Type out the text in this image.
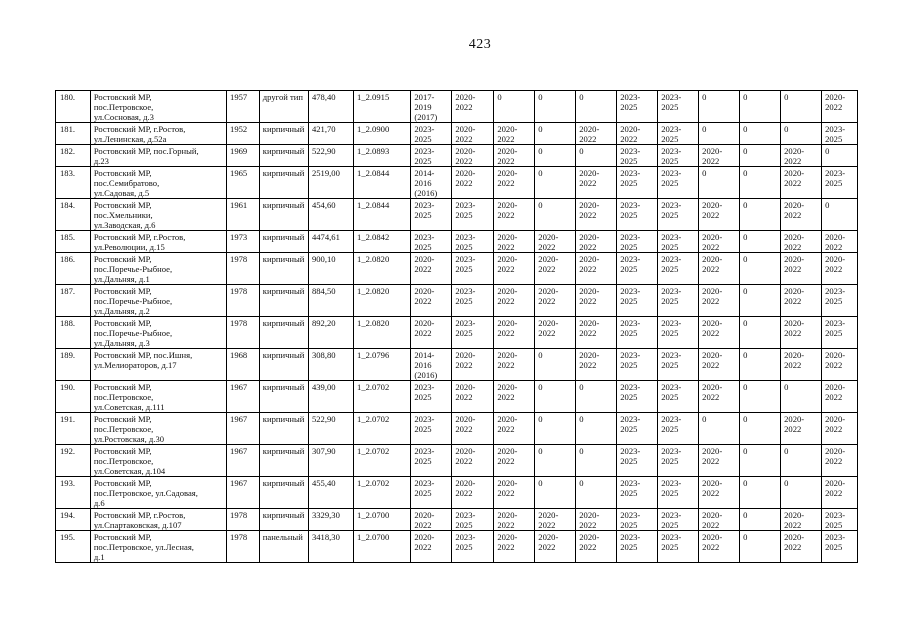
423
180.	Ростовский МР,
пос.Петровское,
ул.Сосновая, д.3	1957	другой тип	478,40	1_2.0915	2017-
2019
(2017)	2020-
2022	0	0	0	2023-
2025	2023-
2025	0	0	0	2020-
2022
181.	Ростовский МР, г.Ростов,
ул.Ленинская, д.52а	1952	кирпичный	421,70	1_2.0900	2023-
2025	2020-
2022	2020-
2022	0	2020-
2022	2020-
2022	2023-
2025	0	0	0	2023-
2025
182.	Ростовский МР, пос.Горный,
д.23	1969	кирпичный	522,90	1_2.0893	2023-
2025	2020-
2022	2020-
2022	0	0	2023-
2025	2023-
2025	2020-
2022	0	2020-
2022	0
183.	Ростовский МР,
пос.Семибратово,
ул.Садовая, д.5	1965	кирпичный	2519,00	1_2.0844	2014-
2016
(2016)	2020-
2022	2020-
2022	0	2020-
2022	2023-
2025	2023-
2025	0	0	2020-
2022	2023-
2025
184.	Ростовский МР,
пос.Хмельники,
ул.Заводская, д.6	1961	кирпичный	454,60	1_2.0844	2023-
2025	2023-
2025	2020-
2022	0	2020-
2022	2023-
2025	2023-
2025	2020-
2022	0	2020-
2022	0
185.	Ростовский МР, г.Ростов,
ул.Революции, д.15	1973	кирпичный	4474,61	1_2.0842	2023-
2025	2023-
2025	2020-
2022	2020-
2022	2020-
2022	2023-
2025	2023-
2025	2020-
2022	0	2020-
2022	2020-
2022
186.	Ростовский МР,
пос.Поречье-Рыбное,
ул.Дальняя, д.1	1978	кирпичный	900,10	1_2.0820	2020-
2022	2023-
2025	2020-
2022	2020-
2022	2020-
2022	2023-
2025	2023-
2025	2020-
2022	0	2020-
2022	2020-
2022
187.	Ростовский МР,
пос.Поречье-Рыбное,
ул.Дальняя, д.2	1978	кирпичный	884,50	1_2.0820	2020-
2022	2023-
2025	2020-
2022	2020-
2022	2020-
2022	2023-
2025	2023-
2025	2020-
2022	0	2020-
2022	2023-
2025
188.	Ростовский МР,
пос.Поречье-Рыбное,
ул.Дальняя, д.3	1978	кирпичный	892,20	1_2.0820	2020-
2022	2023-
2025	2020-
2022	2020-
2022	2020-
2022	2023-
2025	2023-
2025	2020-
2022	0	2020-
2022	2023-
2025
189.	Ростовский МР, пос.Ишня,
ул.Мелиораторов, д.17	1968	кирпичный	308,80	1_2.0796	2014-
2016
(2016)	2020-
2022	2020-
2022	0	2020-
2022	2023-
2025	2023-
2025	2020-
2022	0	2020-
2022	2020-
2022
190.	Ростовский МР,
пос.Петровское,
ул.Советская, д.111	1967	кирпичный	439,00	1_2.0702	2023-
2025	2020-
2022	2020-
2022	0	0	2023-
2025	2023-
2025	2020-
2022	0	0	2020-
2022
191.	Ростовский МР,
пос.Петровское,
ул.Ростовская, д.30	1967	кирпичный	522,90	1_2.0702	2023-
2025	2020-
2022	2020-
2022	0	0	2023-
2025	2023-
2025	0	0	2020-
2022	2020-
2022
192.	Ростовский МР,
пос.Петровское,
ул.Советская, д.104	1967	кирпичный	307,90	1_2.0702	2023-
2025	2020-
2022	2020-
2022	0	0	2023-
2025	2023-
2025	2020-
2022	0	0	2020-
2022
193.	Ростовский МР,
пос.Петровское, ул.Садовая,
д.6	1967	кирпичный	455,40	1_2.0702	2023-
2025	2020-
2022	2020-
2022	0	0	2023-
2025	2023-
2025	2020-
2022	0	0	2020-
2022
194.	Ростовский МР, г.Ростов,
ул.Спартаковская, д.107	1978	кирпичный	3329,30	1_2.0700	2020-
2022	2023-
2025	2020-
2022	2020-
2022	2020-
2022	2023-
2025	2023-
2025	2020-
2022	0	2020-
2022	2023-
2025
195.	Ростовский МР,
пос.Петровское, ул.Лесная,
д.1	1978	панельный	3418,30	1_2.0700	2020-
2022	2023-
2025	2020-
2022	2020-
2022	2020-
2022	2023-
2025	2023-
2025	2020-
2022	0	2020-
2022	2023-
2025
